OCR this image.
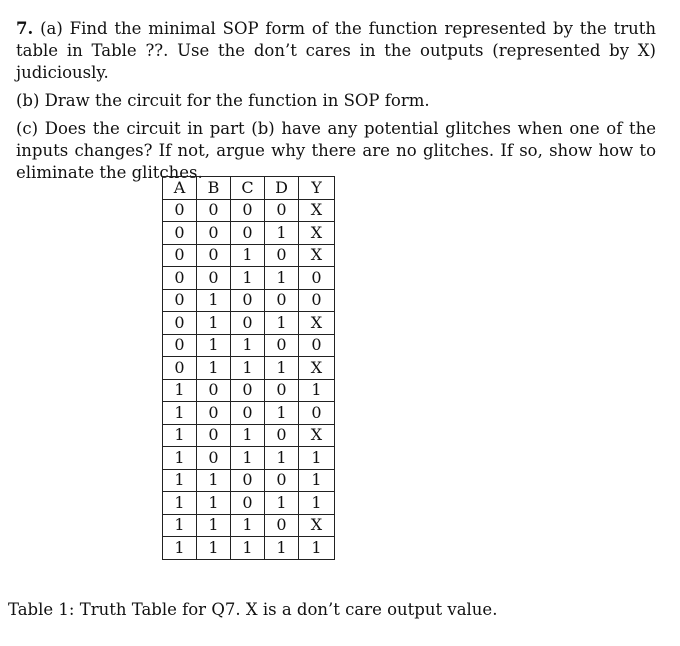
7. (a) Find the minimal SOP form of the function represented by the truth table in Table ??. Use the don’t cares in the outputs (represented by X) judiciously.

(b) Draw the circuit for the function in SOP form.

(c) Does the circuit in part (b) have any potential glitches when one of the inputs changes? If not, argue why there are no glitches. If so, show how to eliminate the glitches.

A	B	C	D	Y
0	0	0	0	X
0	0	0	1	X
0	0	1	0	X
0	0	1	1	0
0	1	0	0	0
0	1	0	1	X
0	1	1	0	0
0	1	1	1	X
1	0	0	0	1
1	0	0	1	0
1	0	1	0	X
1	0	1	1	1
1	1	0	0	1
1	1	0	1	1
1	1	1	0	X
1	1	1	1	1
Table 1: Truth Table for Q7. X is a don’t care output value.
